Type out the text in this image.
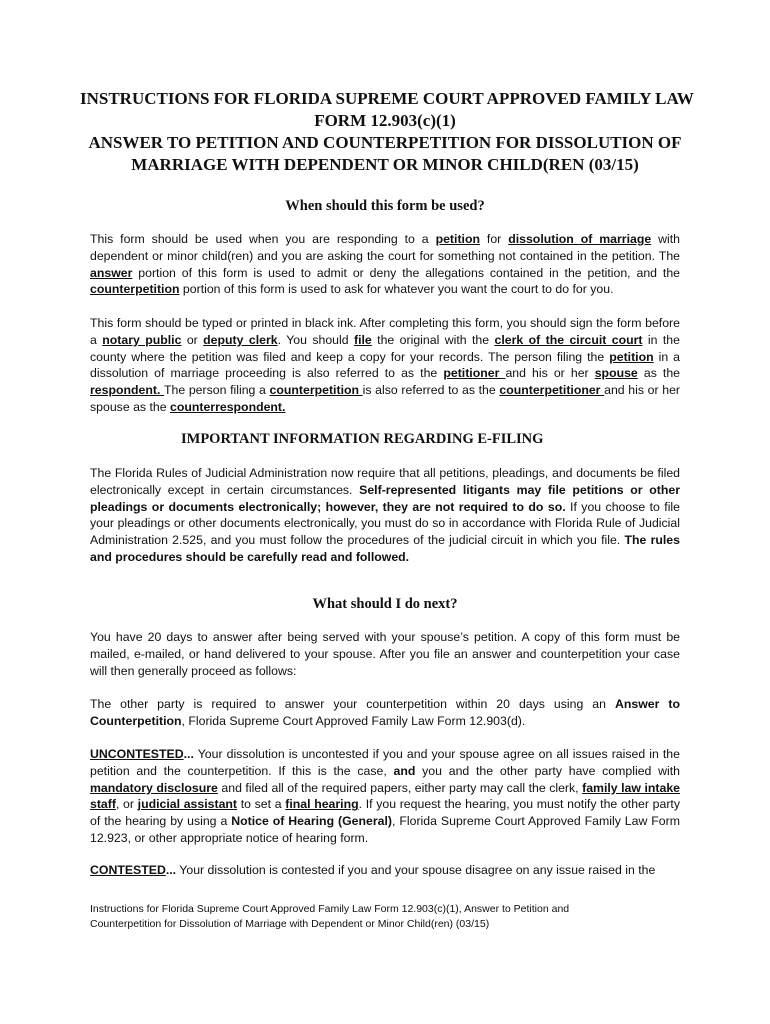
INSTRUCTIONS FOR FLORIDA SUPREME COURT APPROVED FAMILY LAW
FORM 12.903(c)(1)
ANSWER TO PETITION AND COUNTERPETITION FOR DISSOLUTION OF
MARRIAGE WITH DEPENDENT OR MINOR CHILD(REN (03/15)
When should this form be used?
This form should be used when you are responding to a petition for dissolution of marriage with dependent or minor child(ren) and you are asking the court for something not contained in the petition. The answer portion of this form is used to admit or deny the allegations contained in the petition, and the counterpetition portion of this form is used to ask for whatever you want the court to do for you.
This form should be typed or printed in black ink. After completing this form, you should sign the form before a notary public or deputy clerk. You should file the original with the clerk of the circuit court in the county where the petition was filed and keep a copy for your records. The person filing the petition in a dissolution of marriage proceeding is also referred to as the petitioner and his or her spouse as the respondent. The person filing a counterpetition is also referred to as the counterpetitioner and his or her spouse as the counterrespondent.
IMPORTANT INFORMATION REGARDING E-FILING
The Florida Rules of Judicial Administration now require that all petitions, pleadings, and documents be filed electronically except in certain circumstances. Self-represented litigants may file petitions or other pleadings or documents electronically; however, they are not required to do so. If you choose to file your pleadings or other documents electronically, you must do so in accordance with Florida Rule of Judicial Administration 2.525, and you must follow the procedures of the judicial circuit in which you file. The rules and procedures should be carefully read and followed.
What should I do next?
You have 20 days to answer after being served with your spouse’s petition. A copy of this form must be mailed, e-mailed, or hand delivered to your spouse. After you file an answer and counterpetition your case will then generally proceed as follows:
The other party is required to answer your counterpetition within 20 days using an Answer to Counterpetition, Florida Supreme Court Approved Family Law Form 12.903(d).
UNCONTESTED... Your dissolution is uncontested if you and your spouse agree on all issues raised in the petition and the counterpetition. If this is the case, and you and the other party have complied with mandatory disclosure and filed all of the required papers, either party may call the clerk, family law intake staff, or judicial assistant to set a final hearing. If you request the hearing, you must notify the other party of the hearing by using a Notice of Hearing (General), Florida Supreme Court Approved Family Law Form 12.923, or other appropriate notice of hearing form.
CONTESTED... Your dissolution is contested if you and your spouse disagree on any issue raised in the
Instructions for Florida Supreme Court Approved Family Law Form 12.903(c)(1), Answer to Petition and
Counterpetition for Dissolution of Marriage with Dependent or Minor Child(ren) (03/15)
